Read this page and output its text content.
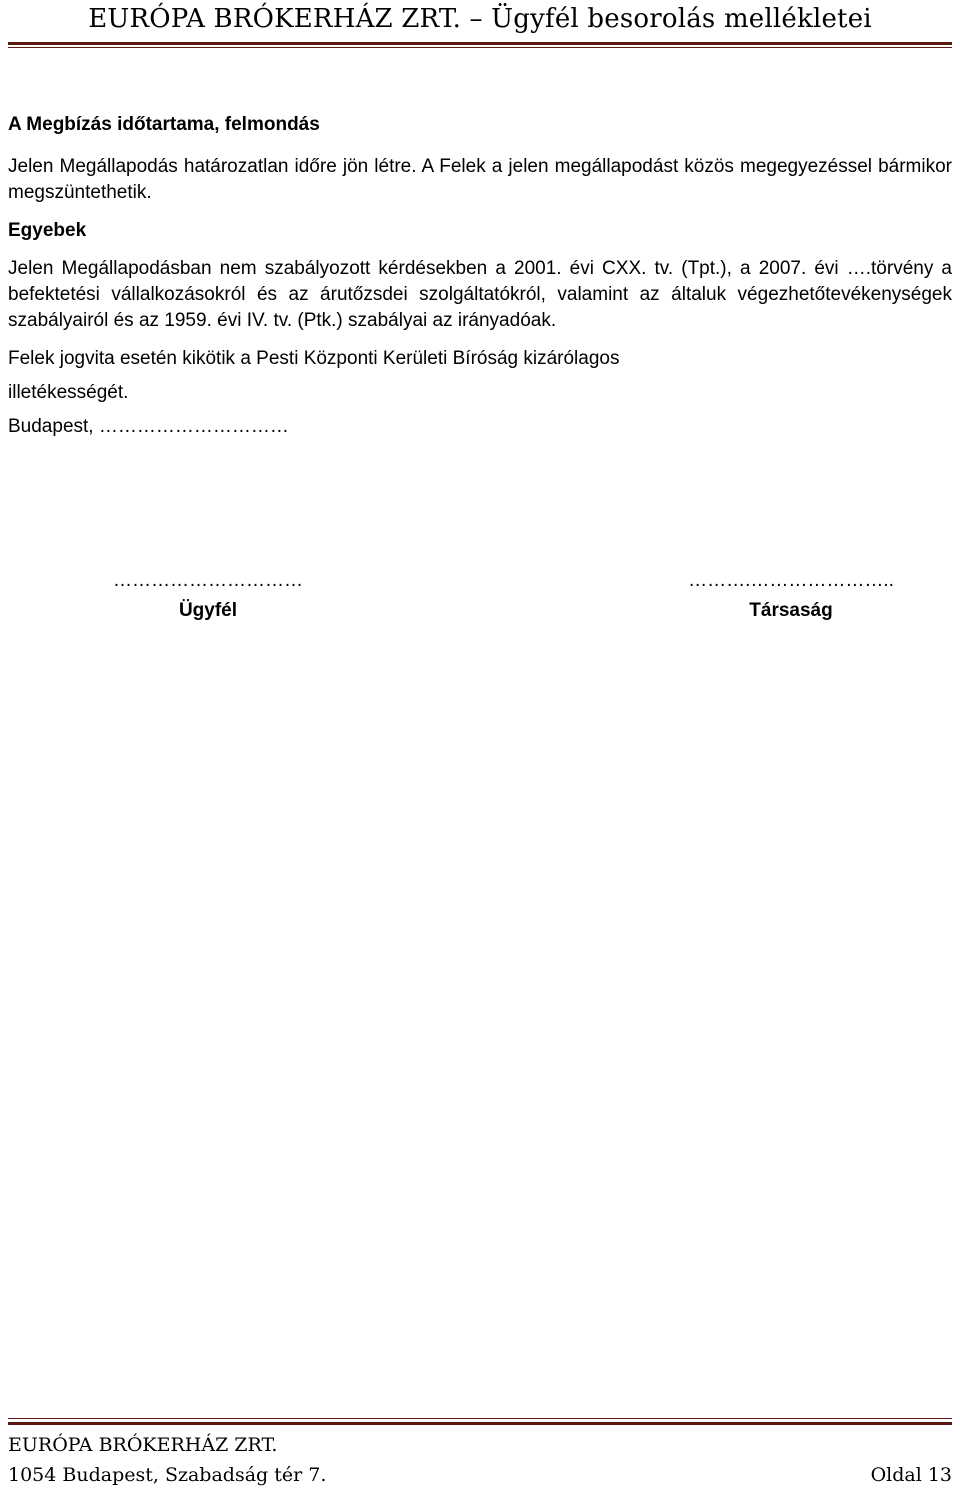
EURÓPA BRÓKERHÁZ ZRT. – Ügyfél besorolás mellékletei

A Megbízás időtartama, felmondás

Jelen Megállapodás határozatlan időre jön létre. A Felek a jelen megállapodást közös megegyezéssel bármikor megszüntethetik.

Egyebek

Jelen Megállapodásban nem szabályozott kérdésekben a 2001. évi CXX. tv. (Tpt.), a 2007. évi ….törvény a befektetési vállalkozásokról és az árutőzsdei szolgáltatókról, valamint az általuk végezhetőtevékenységek szabályairól és az 1959. évi IV. tv. (Ptk.) szabályai az irányadóak.

Felek jogvita esetén kikötik a Pesti Központi Kerületi Bíróság kizárólagos

illetékességét.

Budapest, …………………………

…………………………
Ügyfél
……….…………………..
Társaság
EURÓPA BRÓKERHÁZ ZRT.
1054 Budapest, Szabadság tér 7.	Oldal 13
